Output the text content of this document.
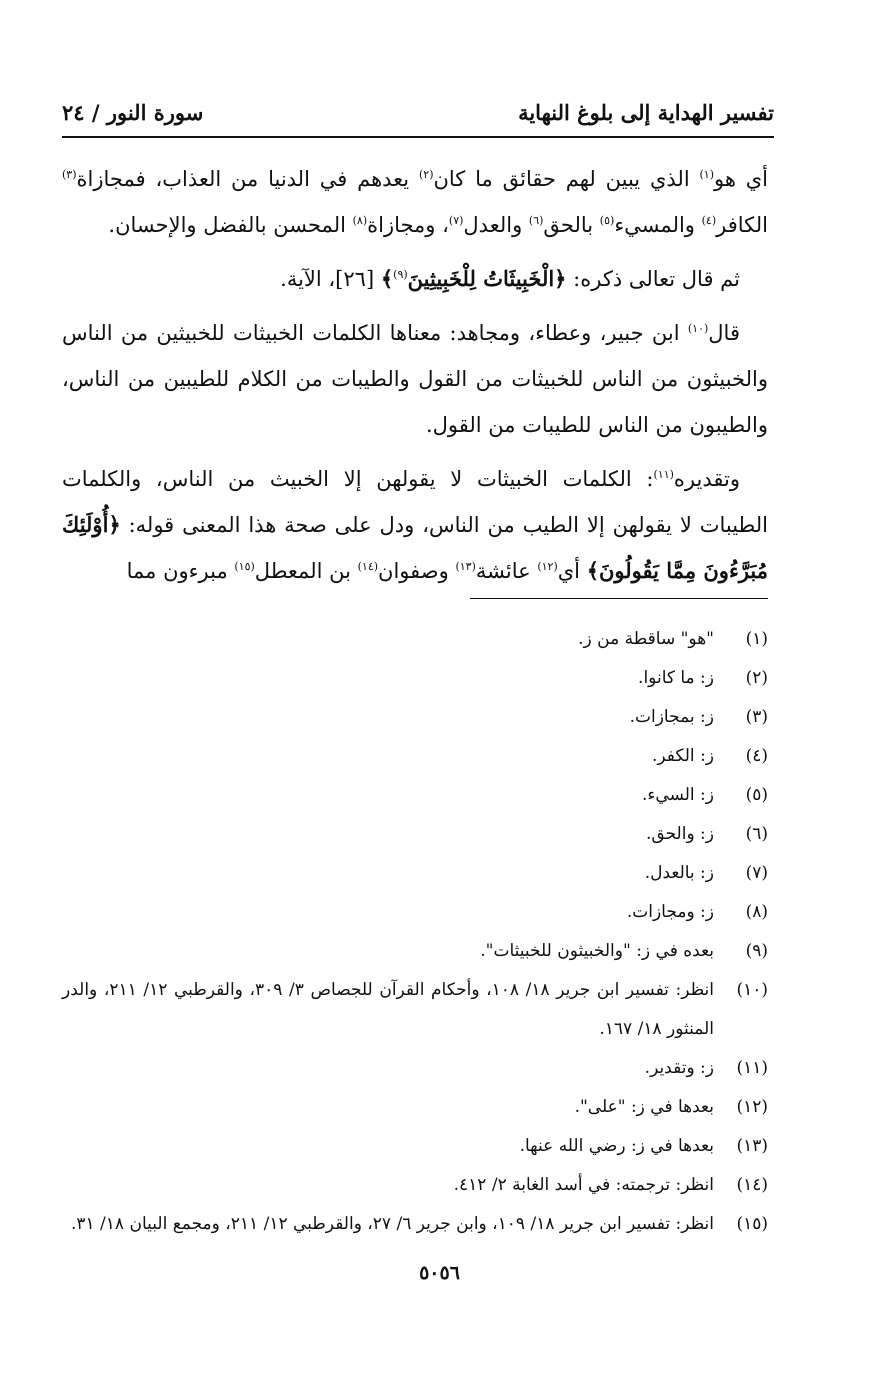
تفسير الهداية إلى بلوغ النهاية
سورة النور / ٢٤

أي هو$^{(١)}$ الذي يبين لهم حقائق ما كان$^{(٢)}$ يعدهم في الدنيا من العذاب، فمجازاة$^{(٣)}$ الكافر$^{(٤)}$ والمسيء$^{(٥)}$ بالحق$^{(٦)}$ والعدل$^{(٧)}$، ومجازاة$^{(٨)}$ المحسن بالفضل والإحسان.

ثم قال تعالى ذكره: ﴿الْخَبِيثَاتُ لِلْخَبِيثِينَ$^{(٩)}$﴾ [٢٦]، الآية.

قال$^{(١٠)}$ ابن جبير، وعطاء، ومجاهد: معناها الكلمات الخبيثات للخبيثين من الناس والخبيثون من الناس للخبيثات من القول والطيبات من الكلام للطيبين من الناس، والطيبون من الناس للطيبات من القول.

وتقديره$^{(١١)}$: الكلمات الخبيثات لا يقولهن إلا الخبيث من الناس، والكلمات الطيبات لا يقولهن إلا الطيب من الناس، ودل على صحة هذا المعنى قوله: ﴿أُوْلَئِكَ مُبَرَّءُونَ مِمَّا يَقُولُونَ﴾ أي$^{(١٢)}$ عائشة$^{(١٣)}$ وصفوان$^{(١٤)}$ بن المعطل$^{(١٥)}$ مبرءون مما

(١)
"هو" ساقطة من ز.
(٢)
ز: ما كانوا.
(٣)
ز: بمجازات.
(٤)
ز: الكفر.
(٥)
ز: السيء.
(٦)
ز: والحق.
(٧)
ز: بالعدل.
(٨)
ز: ومجازات.
(٩)
بعده في ز: "والخبيثون للخبيثات".
(١٠)
انظر: تفسير ابن جرير ١٨/ ١٠٨، وأحكام القرآن للجصاص ٣/ ٣٠٩، والقرطبي ١٢/ ٢١١، والدر المنثور ١٨/ ١٦٧.
(١١)
ز: وتقدير.
(١٢)
بعدها في ز: "على".
(١٣)
بعدها في ز: رضي الله عنها.
(١٤)
انظر: ترجمته: في أسد الغابة ٢/ ٤١٢.
(١٥)
انظر: تفسير ابن جرير ١٨/ ١٠٩، وابن جرير ٦/ ٢٧، والقرطبي ١٢/ ٢١١، ومجمع البيان ١٨/ ٣١.
٥٠٥٦
